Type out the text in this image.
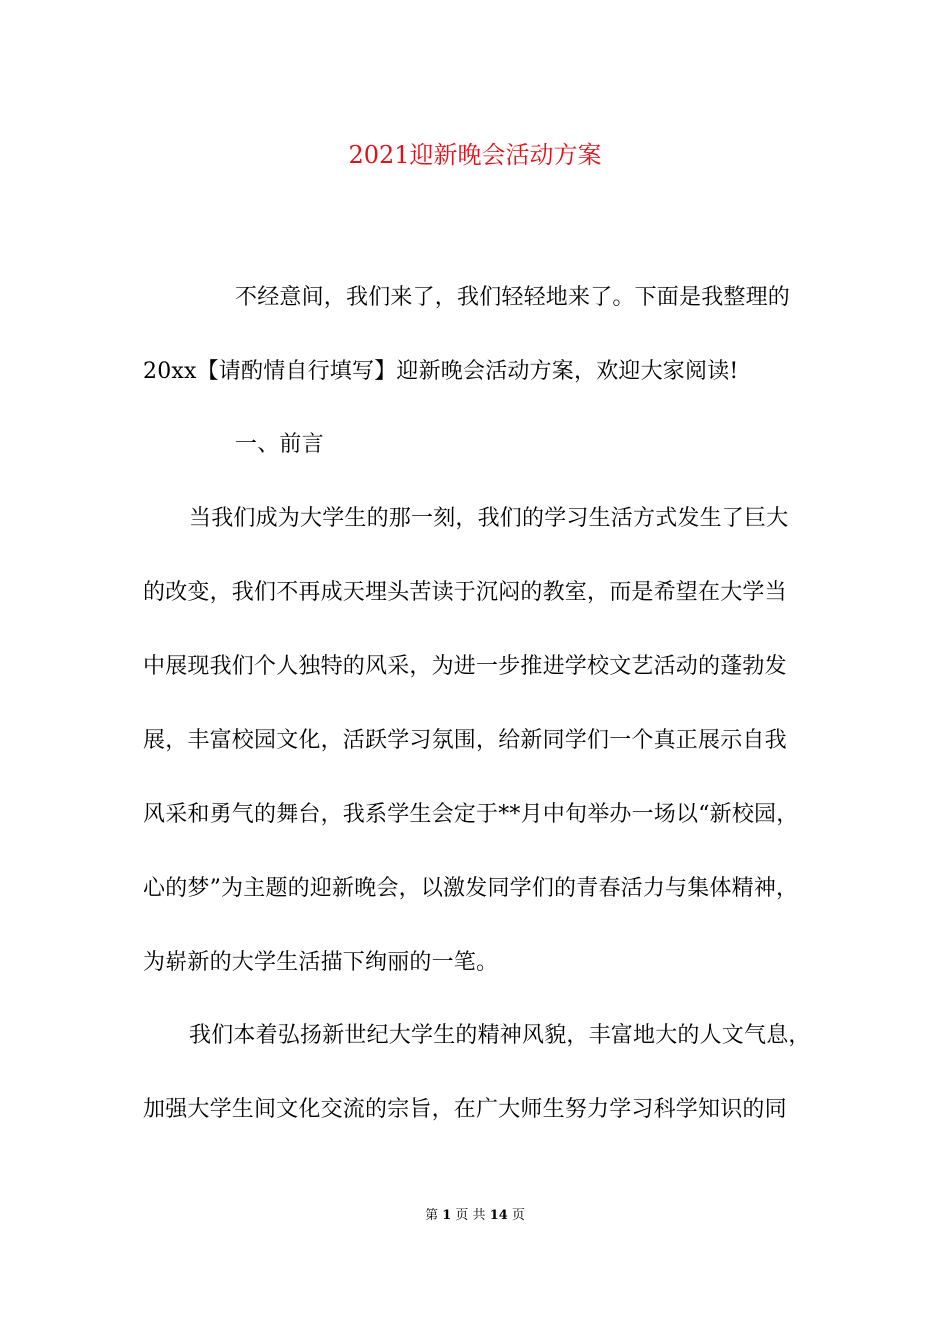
2021迎新晚会活动方案
不经意间，我们来了，我们轻轻地来了。下面是我整理的
20xx【请酌情自行填写】迎新晚会活动方案，欢迎大家阅读!
一、前言
当我们成为大学生的那一刻，我们的学习生活方式发生了巨大
的改变，我们不再成天埋头苦读于沉闷的教室，而是希望在大学当
中展现我们个人独特的风采，为进一步推进学校文艺活动的蓬勃发
展，丰富校园文化，活跃学习氛围，给新同学们一个真正展示自我
风采和勇气的舞台，我系学生会定于**月中旬举办一场以“新校园，
心的梦”为主题的迎新晚会，以激发同学们的青春活力与集体精神，
为崭新的大学生活描下绚丽的一笔。
我们本着弘扬新世纪大学生的精神风貌，丰富地大的人文气息，
加强大学生间文化交流的宗旨，在广大师生努力学习科学知识的同
第 1 页 共 14 页
